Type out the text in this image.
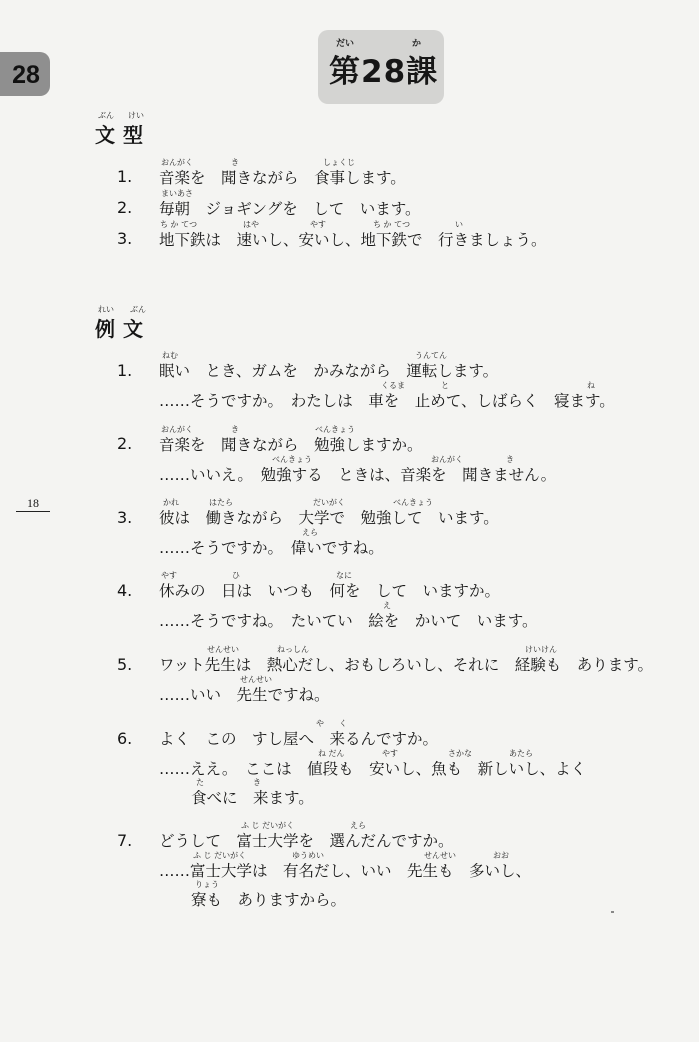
28
だい	か
第28課
18
ぶん けい
文型
1.
おんがく	き	しょくじ
音楽を　聞きながら　食事します。
2.
まいあさ
毎朝　ジョギングを　して　います。
3.
ち か てつ	はや	やす	ち か てつ	い
地下鉄は　速いし、安いし、地下鉄で　行きましょう。
れい ぶん
例文
1.
ねむ	うんてん
眠い　とき、ガムを　かみながら　運転します。
くるま	と	ね
……そうですか。　わたしは　車を　止めて、しばらく　寝ます。
2.
おんがく	き	べんきょう
音楽を　聞きながら　勉強しますか。
べんきょう	おんがく	き
……いいえ。　勉強する　ときは、音楽を　聞きません。
3.
かれ	はたら	だいがく	べんきょう
彼は　働きながら　大学で　勉強して　います。
えら
……そうですか。　偉いですね。
4.
やす	ひ	なに
休みの　日は　いつも　何を　して　いますか。
え
……そうですね。　たいてい　絵を　かいて　います。
5.
せんせい	ねっしん	けいけん
ワット先生は　熱心だし、おもしろいし、それに　経験も　あります。
せんせい
……いい　先生ですね。
6.
や く
よく　この　すし屋へ　来るんですか。
ね だん	やす	さかな	あたら
……ええ。　ここは　値段も　安いし、魚も　新しいし、よく
た	き
食べに　来ます。
7.
ふ じ だいがく	えら
どうして　富士大学を　選んだんですか。
ふ じ だいがく	ゆうめい	せんせい	おお
……富士大学は　有名だし、いい　先生も　多いし、
りょう
寮も　ありますから。
